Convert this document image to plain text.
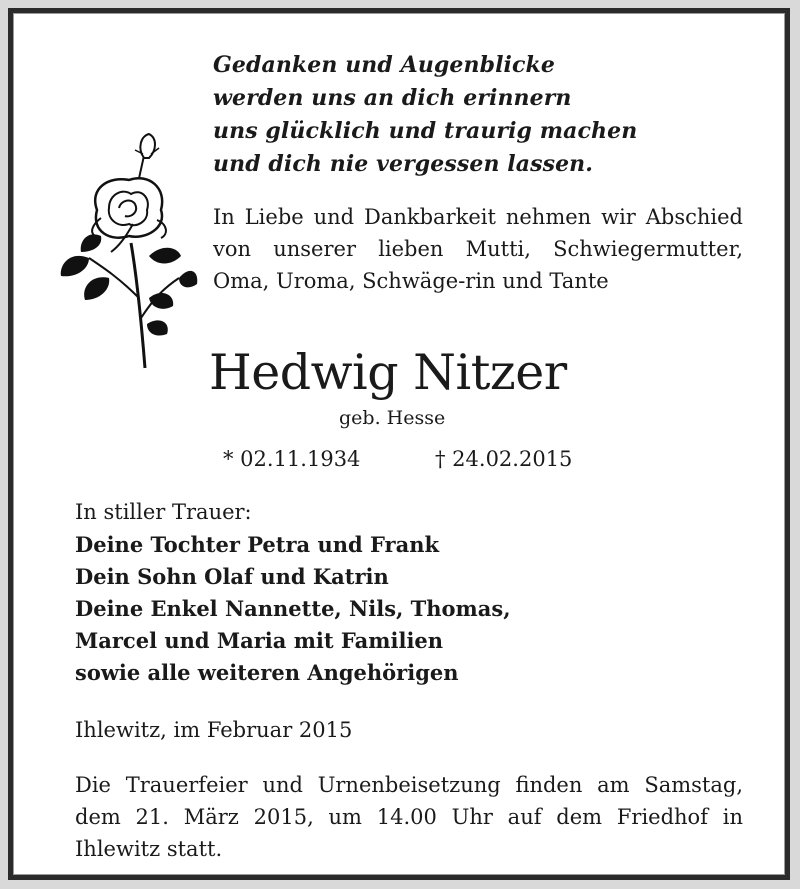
Gedanken und Augenblicke
werden uns an dich erinnern
uns glücklich und traurig machen
und dich nie vergessen lassen.
In Liebe und Dankbarkeit nehmen wir Abschied von unserer lieben Mutti, Schwiegermutter, Oma, Uroma, Schwäge-rin und Tante
Hedwig Nitzer
geb. Hesse
* 02.11.1934	† 24.02.2015
In stiller Trauer:
Deine Tochter Petra und Frank
Dein Sohn Olaf und Katrin
Deine Enkel Nannette, Nils, Thomas,
Marcel und Maria mit Familien
sowie alle weiteren Angehörigen
Ihlewitz, im Februar 2015
Die Trauerfeier und Urnenbeisetzung finden am Samstag, dem 21. März 2015, um 14.00 Uhr auf dem Friedhof in Ihlewitz statt.
